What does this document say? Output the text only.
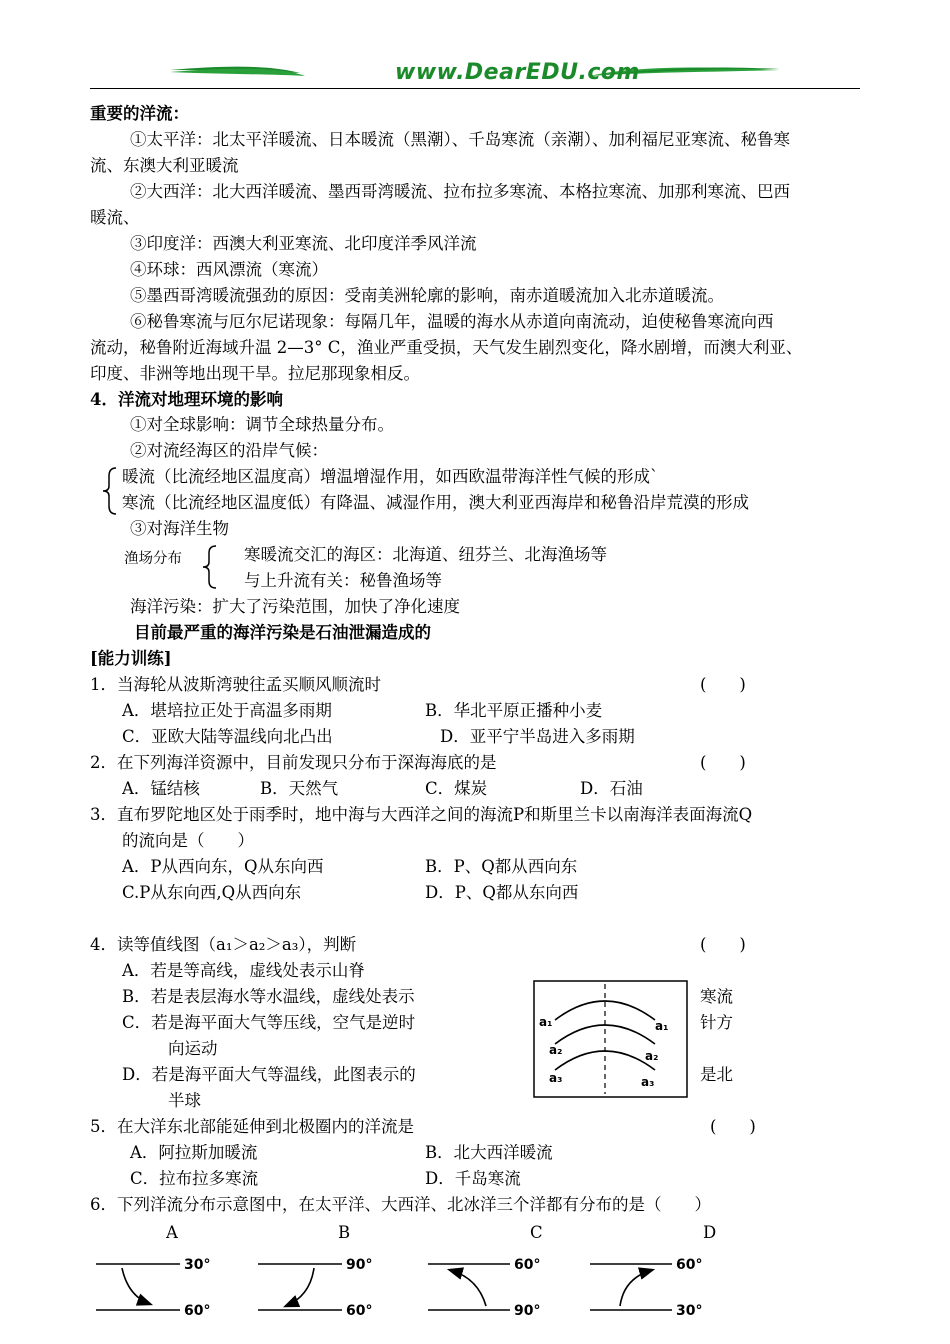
www.DearEDU.com
重要的洋流：
①太平洋：北太平洋暖流、日本暖流（黑潮）、千岛寒流（亲潮）、加利福尼亚寒流、秘鲁寒
流、东澳大利亚暖流
②大西洋：北大西洋暖流、墨西哥湾暖流、拉布拉多寒流、本格拉寒流、加那利寒流、巴西
暖流、
③印度洋：西澳大利亚寒流、北印度洋季风洋流
④环球：西风漂流（寒流）
⑤墨西哥湾暖流强劲的原因：受南美洲轮廓的影响，南赤道暖流加入北赤道暖流。
⑥秘鲁寒流与厄尔尼诺现象：每隔几年，温暖的海水从赤道向南流动，迫使秘鲁寒流向西
流动，秘鲁附近海域升温 2—3° C，渔业严重受损，天气发生剧烈变化，降水剧增，而澳大利亚、
印度、非洲等地出现干旱。拉尼那现象相反。
4．洋流对地理环境的影响
①对全球影响：调节全球热量分布。
②对流经海区的沿岸气候：
暖流（比流经地区温度高）增温增湿作用，如西欧温带海洋性气候的形成`
寒流（比流经地区温度低）有降温、减湿作用，澳大利亚西海岸和秘鲁沿岸荒漠的形成
③对海洋生物
渔场分布	寒暖流交汇的海区：北海道、纽芬兰、北海渔场等
与上升流有关：秘鲁渔场等
海洋污染：扩大了污染范围，加快了净化速度
目前最严重的海洋污染是石油泄漏造成的
[能力训练]
1．当海轮从波斯湾驶往孟买顺风顺流时	(　　)
A．堪培拉正处于高温多雨期	B．华北平原正播种小麦
C．亚欧大陆等温线向北凸出	D．亚平宁半岛进入多雨期
2．在下列海洋资源中，目前发现只分布于深海海底的是	(　　)
A．锰结核	B．天然气	C．煤炭	D．石油
3．直布罗陀地区处于雨季时，地中海与大西洋之间的海流P和斯里兰卡以南海洋表面海流Q
的流向是（　　）
A．P从西向东，Q从东向西	B．P、Q都从西向东
C.P从东向西,Q从西向东	D．P、Q都从东向西
4．读等值线图（a₁＞a₂＞a₃），判断	(　　)
A．若是等高线，虚线处表示山脊
B．若是表层海水等水温线，虚线处表示	寒流
C．若是海平面大气等压线，空气是逆时	针方
向运动
D．若是海平面大气等温线，此图表示的	是北
半球
a₁	a₁
a₂	a₂
a₃	a₃
5．在大洋东北部能延伸到北极圈内的洋流是	(　　)
A．阿拉斯加暖流	B．北大西洋暖流
C．拉布拉多寒流	D．千岛寒流
6．下列洋流分布示意图中，在太平洋、大西洋、北冰洋三个洋都有分布的是（　　）
A	B	C	D
30°
60°
90°
60°
60°
90°
60°
30°
